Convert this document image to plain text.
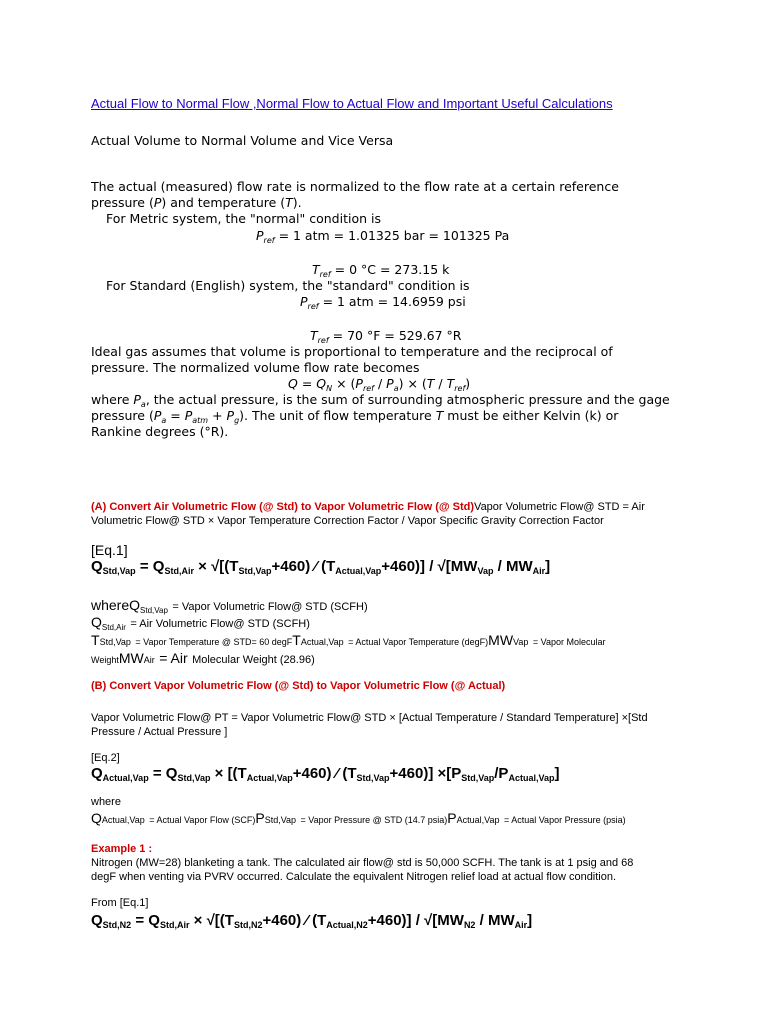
Actual Flow to Normal Flow ,Normal Flow to Actual Flow and Important Useful Calculations
Actual Volume to Normal Volume and Vice Versa
The actual (measured) flow rate is normalized to the flow rate at a certain reference
pressure (P) and temperature (T).
For Metric system, the "normal" condition is
$P_{ref} = 1$ atm = 1.01325 bar = 101325 Pa
$T_{ref} = 0$ °C = 273.15 k
For Standard (English) system, the "standard" condition is
$P_{ref} = 1$ atm = 14.6959 psi
$T_{ref} = 70$ °F = 529.67 °R
Ideal gas assumes that volume is proportional to temperature and the reciprocal of
pressure. The normalized volume flow rate becomes
$Q = Q_N \times (P_{ref} / P_a) \times (T / T_{ref})$
where $P_a$, the actual pressure, is the sum of surrounding atmospheric pressure and the gage
pressure $(P_a = P_{atm} + P_g)$. The unit of flow temperature T must be either Kelvin (k) or
Rankine degrees (°R).
(A) Convert Air Volumetric Flow (@ Std) to Vapor Volumetric Flow (@ Std)Vapor Volumetric Flow@ STD = Air
Volumetric Flow@ STD × Vapor Temperature Correction Factor / Vapor Specific Gravity Correction Factor
[Eq.1]
$Q_{Std,Vap} = Q_{Std,Air} \times √[(T_{Std,Vap}+460)$ ⁄ $(T_{Actual,Vap}+460)] / √[MW_{Vap} / MW_{Air}]$
whereQ$_{Std,Vap}$ = Vapor Volumetric Flow@ STD (SCFH)
$Q_{Std,Air}$ = Air Volumetric Flow@ STD (SCFH)
TStd,Vap = Vapor Temperature @ STD= 60 degFTActual,Vap = Actual Vapor Temperature (degF)MWVap = Vapor Molecular
WeightMWAir = Air Molecular Weight (28.96)
(B) Convert Vapor Volumetric Flow (@ Std) to Vapor Volumetric Flow (@ Actual)
Vapor Volumetric Flow@ PT = Vapor Volumetric Flow@ STD × [Actual Temperature / Standard Temperature] ×[Std
Pressure / Actual Pressure ]
[Eq.2]
$Q_{Actual,Vap} = Q_{Std,Vap} \times [(T_{Actual,Vap}+460)$ ⁄ $(T_{Std,Vap}+460)] \times[P_{Std,Vap}/P_{Actual,Vap}]$
where
QActual,Vap = Actual Vapor Flow (SCF)PStd,Vap = Vapor Pressure @ STD (14.7 psia)PActual,Vap = Actual Vapor Pressure (psia)
Example 1 :
Nitrogen (MW=28) blanketing a tank. The calculated air flow@ std is 50,000 SCFH. The tank is at 1 psig and 68
degF when venting via PVRV occurred. Calculate the equivalent Nitrogen relief load at actual flow condition.
From [Eq.1]
$Q_{Std,N2} = Q_{Std,Air} \times √[(T_{Std,N2}+460)$ ⁄ $(T_{Actual,N2}+460)] / √[MW_{N2} / MW_{Air}]$
